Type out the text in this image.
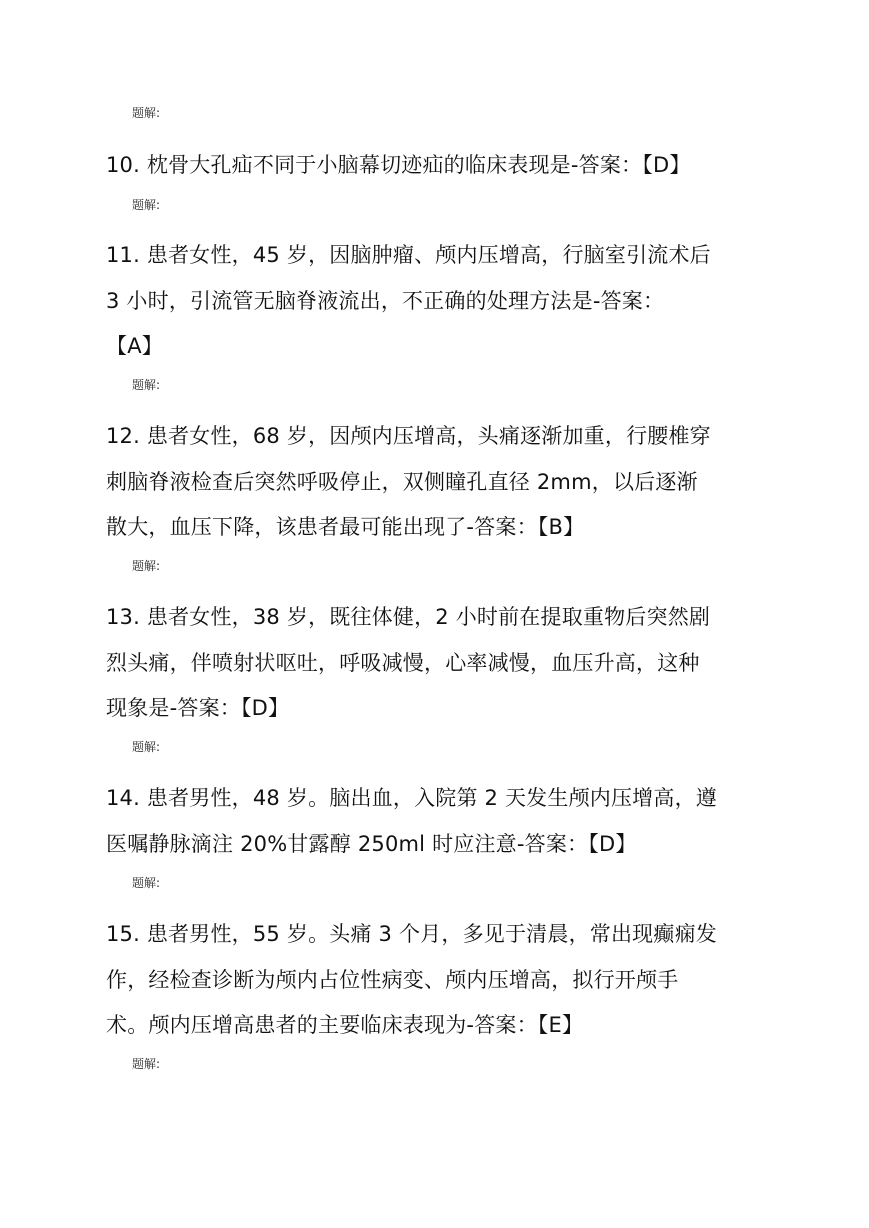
题解:
10. 枕骨大孔疝不同于小脑幕切迹疝的临床表现是-答案：【D】
题解:
11. 患者女性，45 岁，因脑肿瘤、颅内压增高，行脑室引流术后
3 小时，引流管无脑脊液流出，不正确的处理方法是-答案：
【A】
题解:
12. 患者女性，68 岁，因颅内压增高，头痛逐渐加重，行腰椎穿
刺脑脊液检查后突然呼吸停止，双侧瞳孔直径 2mm，以后逐渐
散大，血压下降，该患者最可能出现了-答案：【B】
题解:
13. 患者女性，38 岁，既往体健，2 小时前在提取重物后突然剧
烈头痛，伴喷射状呕吐，呼吸减慢，心率减慢，血压升高，这种
现象是-答案：【D】
题解:
14. 患者男性，48 岁。脑出血，入院第 2 天发生颅内压增高，遵
医嘱静脉滴注 20%甘露醇 250ml 时应注意-答案：【D】
题解:
15. 患者男性，55 岁。头痛 3 个月，多见于清晨，常出现癫痫发
作，经检查诊断为颅内占位性病变、颅内压增高，拟行开颅手
术。颅内压增高患者的主要临床表现为-答案：【E】
题解:
